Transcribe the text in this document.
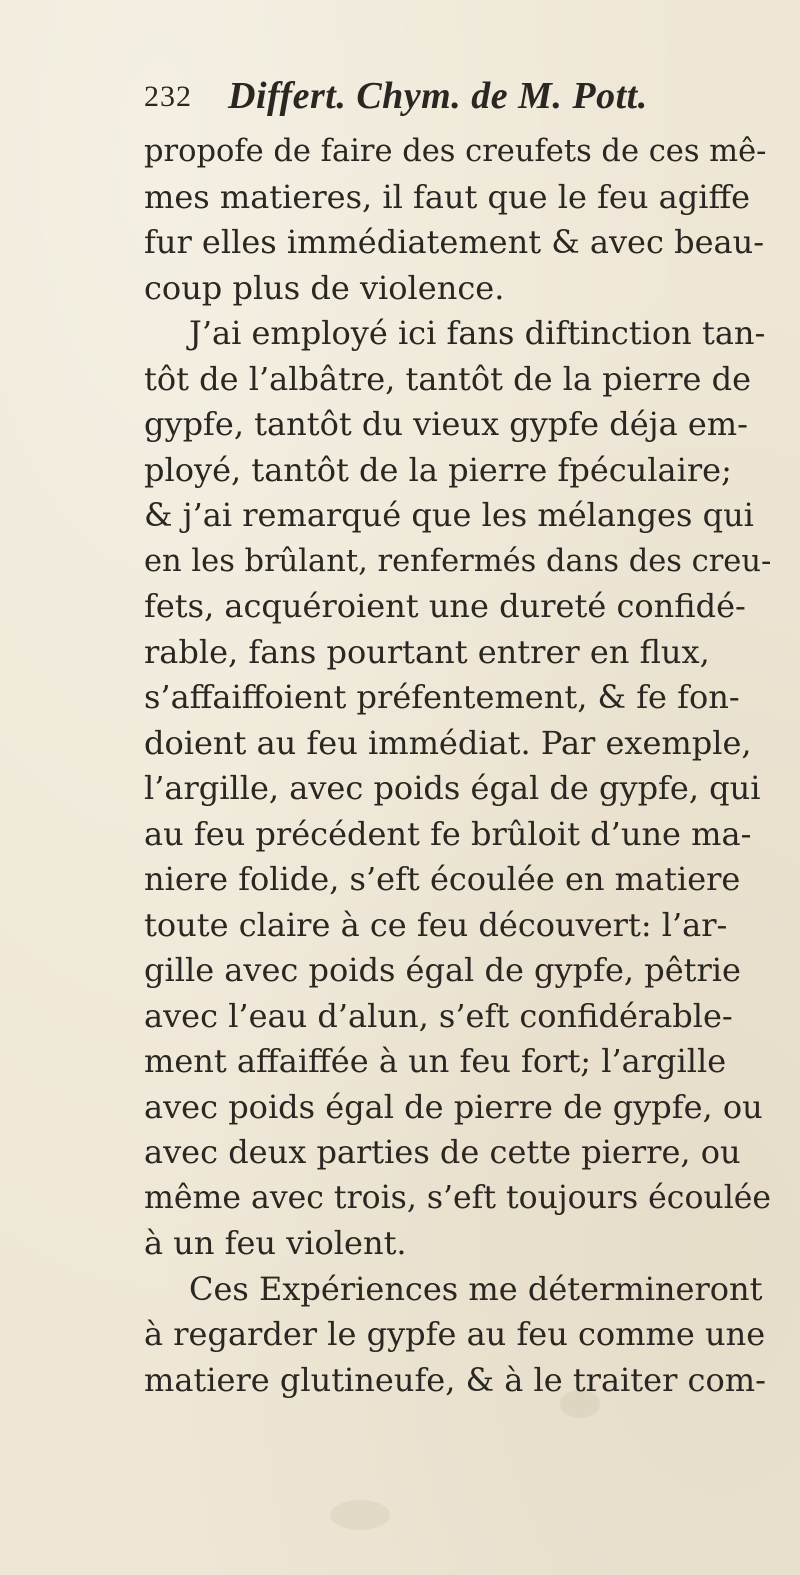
232 Differt. Chym. de M. Pott.
propofe de faire des creufets de ces mê-
mes matieres, il faut que le feu agiffe
fur elles immédiatement & avec beau-
coup plus de violence.
J’ai employé ici fans diftinction tan-
tôt de l’albâtre, tantôt de la pierre de
gypfe, tantôt du vieux gypfe déja em-
ployé, tantôt de la pierre fpéculaire;
& j’ai remarqué que les mélanges qui
en les brûlant, renfermés dans des creu-
fets, acquéroient une dureté confidé-
rable, fans pourtant entrer en flux,
s’affaiffoient préfentement, & fe fon-
doient au feu immédiat. Par exemple,
l’argille, avec poids égal de gypfe, qui
au feu précédent fe brûloit d’une ma-
niere folide, s’eft écoulée en matiere
toute claire à ce feu découvert: l’ar-
gille avec poids égal de gypfe, pêtrie
avec l’eau d’alun, s’eft confidérable-
ment affaiffée à un feu fort; l’argille
avec poids égal de pierre de gypfe, ou
avec deux parties de cette pierre, ou
même avec trois, s’eft toujours écoulée
à un feu violent.
Ces Expériences me détermineront
à regarder le gypfe au feu comme une
matiere glutineufe, & à le traiter com-
